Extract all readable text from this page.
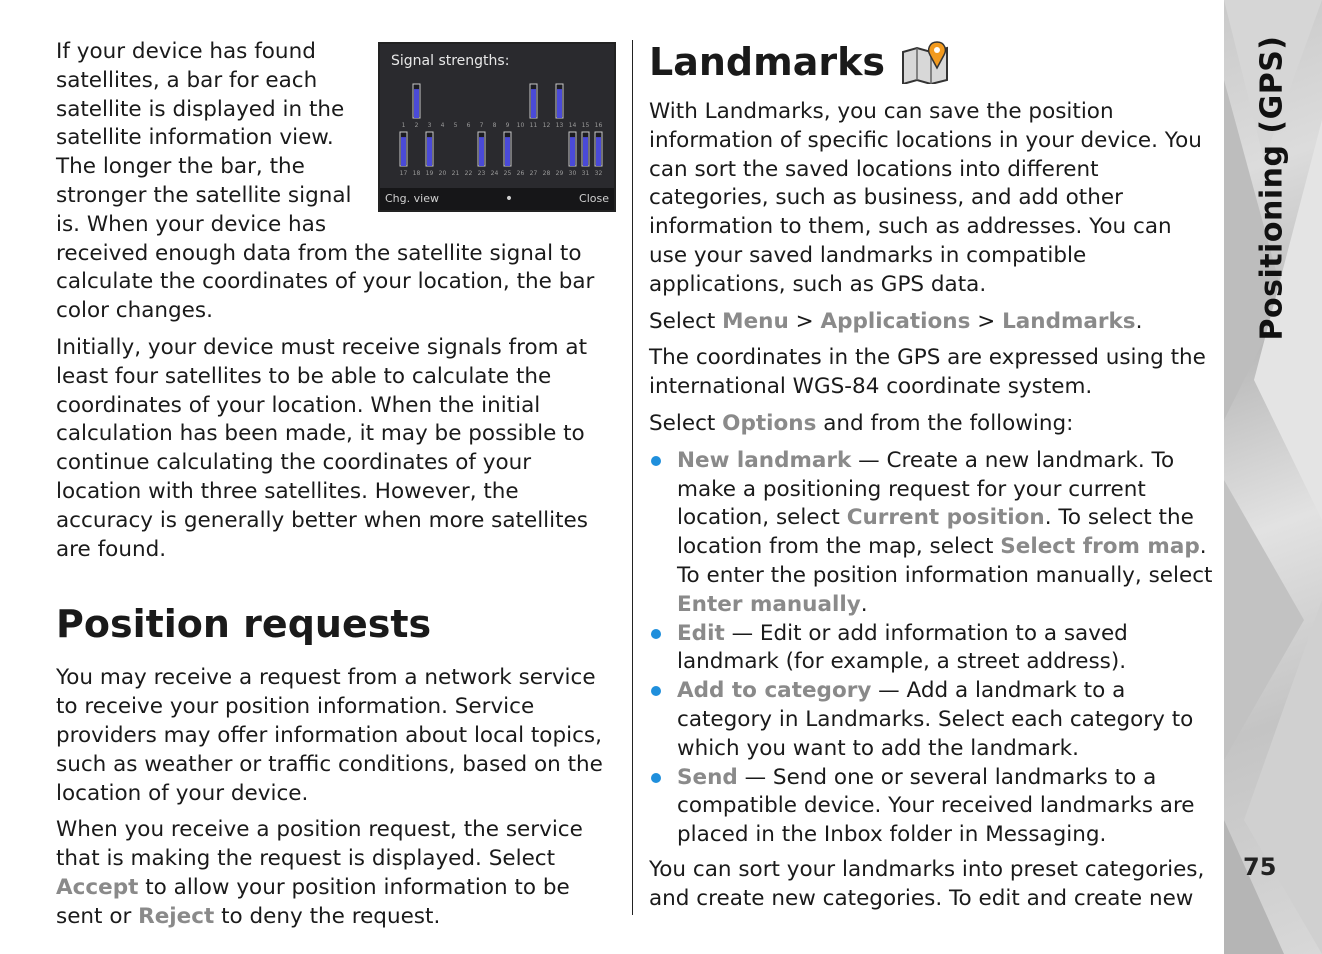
Signal strengths:
1 2 3 4 5 6 7 8 9 10 11 12 13 14 15 16
17 18 19 20 21 22 23 24 25 26 27 28 29 30 31 32
Chg. view	•	Close

If your device has found satellites, a bar for each satellite is displayed in the satellite information view. The longer the bar, the stronger the satellite signal is. When your device has received enough data from the satellite signal to calculate the coordinates of your location, the bar color changes.

Initially, your device must receive signals from at least four satellites to be able to calculate the coordinates of your location. When the initial calculation has been made, it may be possible to continue calculating the coordinates of your location with three satellites. However, the accuracy is generally better when more satellites are found.

Position requests

You may receive a request from a network service to receive your position information. Service providers may offer information about local topics, such as weather or traffic conditions, based on the location of your device.

When you receive a position request, the service that is making the request is displayed. Select Accept to allow your position information to be sent or Reject to deny the request.

Landmarks

With Landmarks, you can save the position information of specific locations in your device. You can sort the saved locations into different categories, such as business, and add other information to them, such as addresses. You can use your saved landmarks in compatible applications, such as GPS data.

Select Menu > Applications > Landmarks.

The coordinates in the GPS are expressed using the international WGS-84 coordinate system.

Select Options and from the following:

New landmark — Create a new landmark. To make a positioning request for your current location, select Current position. To select the location from the map, select Select from map. To enter the position information manually, select Enter manually.
Edit — Edit or add information to a saved landmark (for example, a street address).
Add to category — Add a landmark to a category in Landmarks. Select each category to which you want to add the landmark.
Send — Send one or several landmarks to a compatible device. Your received landmarks are placed in the Inbox folder in Messaging.

You can sort your landmarks into preset categories, and create new categories. To edit and create new

Positioning (GPS)
75
